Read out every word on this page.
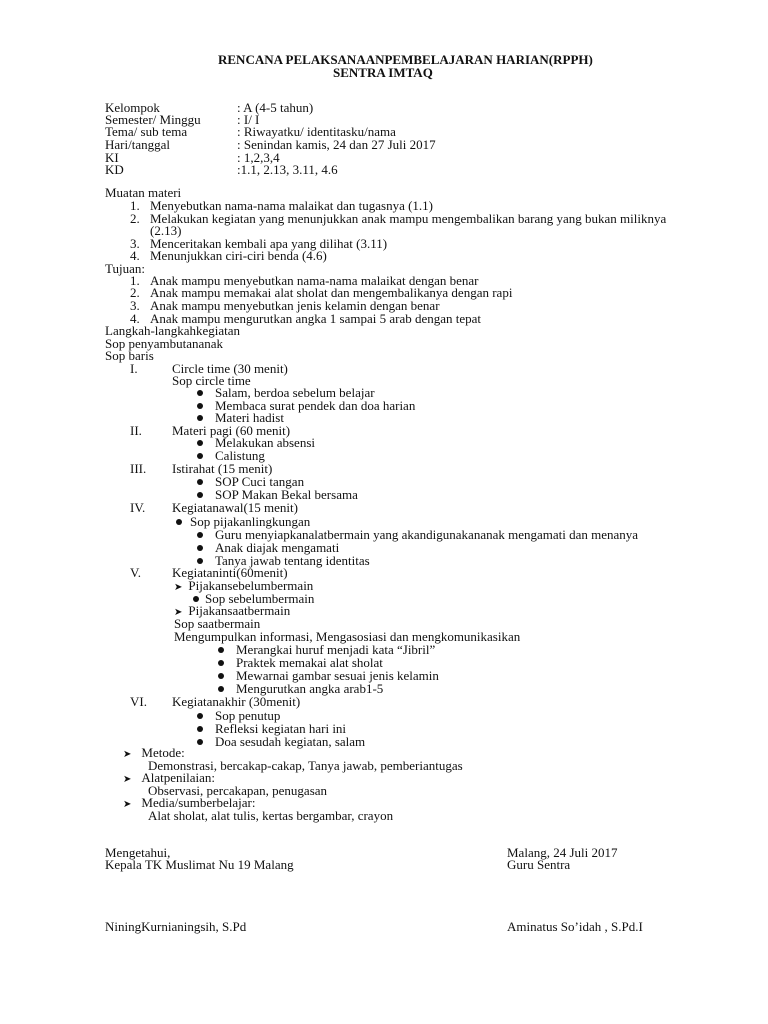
RENCANA PELAKSANAANPEMBELAJARAN HARIAN(RPPH)
SENTRA IMTAQ
Kelompok	: A (4-5 tahun)
Semester/ Minggu	: I/ I
Tema/ sub tema	: Riwayatku/ identitasku/nama
Hari/tanggal	: Senindan kamis, 24 dan 27 Juli 2017
KI	: 1,2,3,4
KD	:1.1, 2.13, 3.11, 4.6
Muatan materi
1. Menyebutkan nama-nama malaikat dan tugasnya (1.1)
2. Melakukan kegiatan yang menunjukkan anak mampu mengembalikan barang yang bukan miliknya
(2.13)
3. Menceritakan kembali apa yang dilihat (3.11)
4. Menunjukkan ciri-ciri benda (4.6)
Tujuan:
1. Anak mampu menyebutkan nama-nama malaikat dengan benar
2. Anak mampu memakai alat sholat dan mengembalikanya dengan rapi
3. Anak mampu menyebutkan jenis kelamin dengan benar
4. Anak mampu mengurutkan angka 1 sampai 5 arab dengan tepat
Langkah-langkahkegiatan
Sop penyambutananak
Sop baris
I.	Circle time (30 menit)
Sop circle time
Salam, berdoa sebelum belajar
Membaca surat pendek dan doa harian
Materi hadist
II. Materi pagi (60 menit)
Melakukan absensi
Calistung
III. Istirahat (15 menit)
SOP Cuci tangan
SOP Makan Bekal bersama
IV. Kegiatanawal(15 menit)
Sop pijakanlingkungan
Guru menyiapkanalatbermain yang akandigunakananak mengamati dan menanya
Anak diajak mengamati
Tanya jawab tentang identitas
V. Kegiataninti(60menit)
➤ Pijakansebelumbermain
Sop sebelumbermain
➤ Pijakansaatbermain
Sop saatbermain
Mengumpulkan informasi, Mengasosiasi dan mengkomunikasikan
Merangkai huruf menjadi kata “Jibril”
Praktek memakai alat sholat
Mewarnai gambar sesuai jenis kelamin
Mengurutkan angka arab1-5
VI. Kegiatanakhir (30menit)
Sop penutup
Refleksi kegiatan hari ini
Doa sesudah kegiatan, salam
➤ Metode:
Demonstrasi, bercakap-cakap, Tanya jawab, pemberiantugas
➤ Alatpenilaian:
Observasi, percakapan, penugasan
➤ Media/sumberbelajar:
Alat sholat, alat tulis, kertas bergambar, crayon
Mengetahui,
Kepala TK Muslimat Nu 19 Malang
NiningKurnianingsih, S.Pd
Malang, 24 Juli 2017
Guru Sentra
Aminatus So’idah , S.Pd.I
